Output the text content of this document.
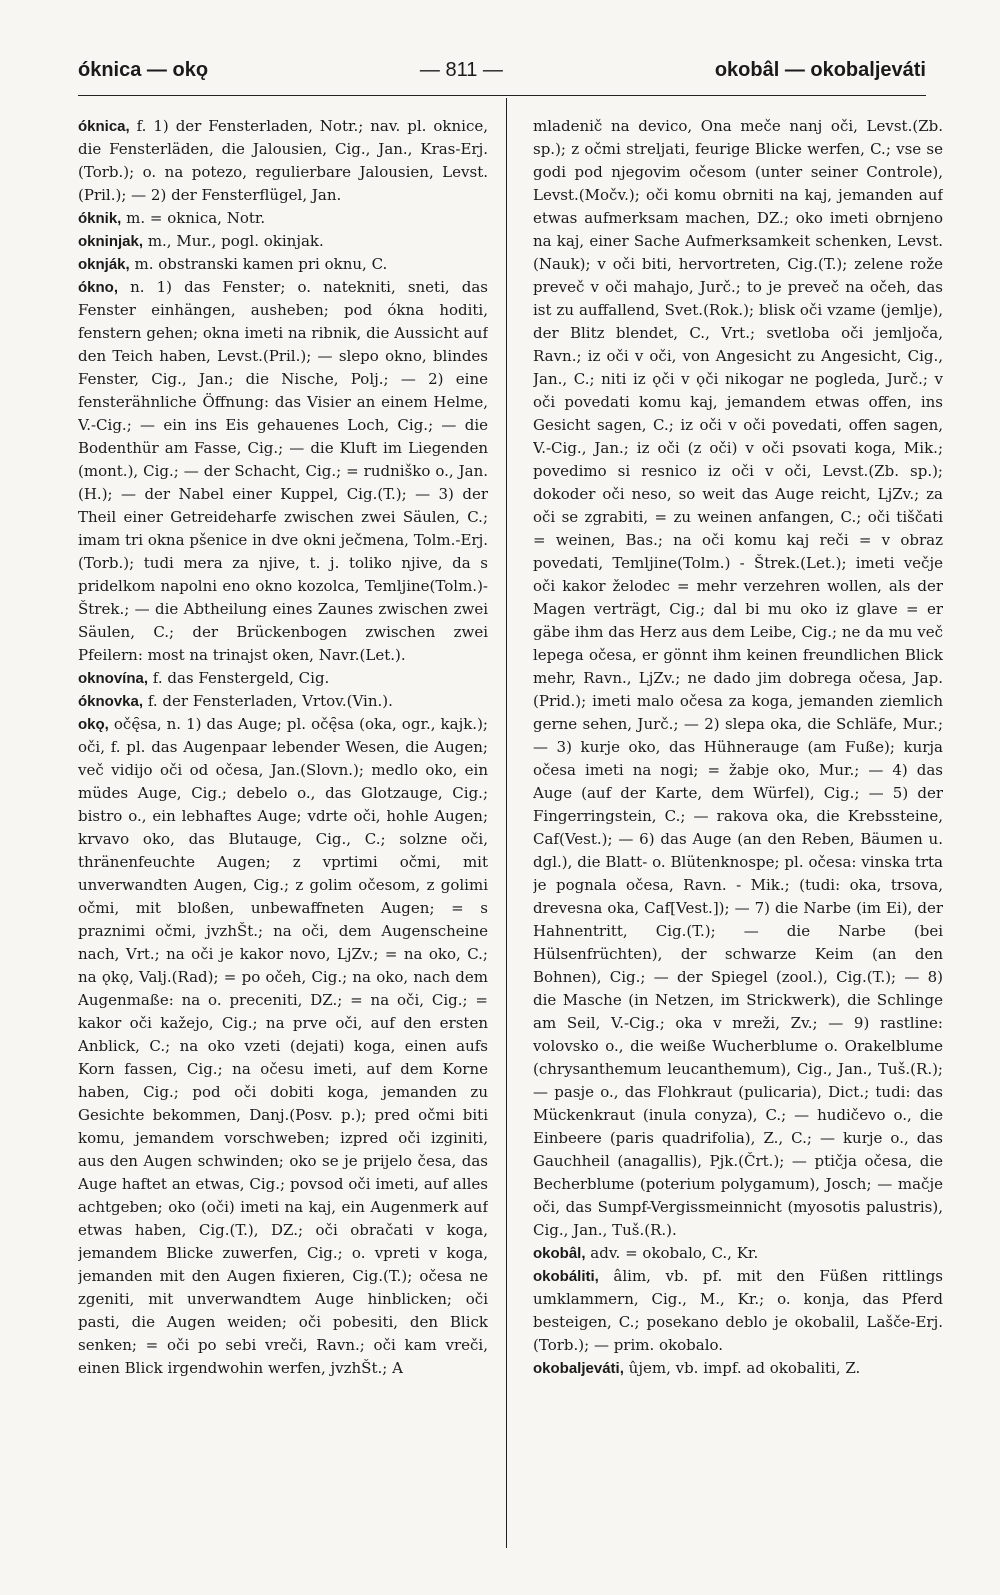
óknica — okǫ	— 811 —	okobâl — okobaljeváti

óknica, f. 1) der Fensterladen, Notr.; nav. pl. oknice, die Fensterläden, die Jalousien, Cig., Jan., Kras-Erj.(Torb.); o. na potezo, regulierbare Jalousien, Levst.(Pril.); — 2) der Fensterflügel, Jan.

óknik, m. = oknica, Notr.

okninjak, m., Mur., pogl. okinjak.

oknják, m. obstranski kamen pri oknu, C.

ókno, n. 1) das Fenster; o. natekniti, sneti, das Fenster einhängen, ausheben; pod ókna hoditi, fenstern gehen; okna imeti na ribnik, die Aussicht auf den Teich haben, Levst.(Pril.); — slepo okno, blindes Fenster, Cig., Jan.; die Nische, Polj.; — 2) eine fensterähnliche Öffnung: das Visier an einem Helme, V.-Cig.; — ein ins Eis gehauenes Loch, Cig.; — die Bodenthür am Fasse, Cig.; — die Kluft im Liegenden (mont.), Cig.; — der Schacht, Cig.; = rudniško o., Jan.(H.); — der Nabel einer Kuppel, Cig.(T.); — 3) der Theil einer Getreideharfe zwischen zwei Säulen, C.; imam tri okna pšenice in dve okni ječmena, Tolm.-Erj.(Torb.); tudi mera za njive, t. j. toliko njive, da s pridelkom napolni eno okno kozolca, Temljine(Tolm.)-Štrek.; — die Abtheilung eines Zaunes zwischen zwei Säulen, C.; der Brückenbogen zwischen zwei Pfeilern: most na trinajst oken, Navr.(Let.).

oknovína, f. das Fenstergeld, Cig.

óknovka, f. der Fensterladen, Vrtov.(Vin.).

okǫ, očę̑sa, n. 1) das Auge; pl. očę̑sa (oka, ogr., kajk.); oči, f. pl. das Augenpaar lebender Wesen, die Augen; več vidijo oči od očesa, Jan.(Slovn.); medlo oko, ein müdes Auge, Cig.; debelo o., das Glotzauge, Cig.; bistro o., ein lebhaftes Auge; vdrte oči, hohle Augen; krvavo oko, das Blutauge, Cig., C.; solzne oči, thränenfeuchte Augen; z vprtimi očmi, mit unverwandten Augen, Cig.; z golim očesom, z golimi očmi, mit bloßen, unbewaffneten Augen; = s praznimi očmi, jvzhŠt.; na oči, dem Augenscheine nach, Vrt.; na oči je kakor novo, LjZv.; = na oko, C.; na ǫkǫ, Valj.(Rad); = po očeh, Cig.; na oko, nach dem Augenmaße: na o. preceniti, DZ.; = na oči, Cig.; = kakor oči kažejo, Cig.; na prve oči, auf den ersten Anblick, C.; na oko vzeti (dejati) koga, einen aufs Korn fassen, Cig.; na očesu imeti, auf dem Korne haben, Cig.; pod oči dobiti koga, jemanden zu Gesichte bekommen, Danj.(Posv. p.); pred očmi biti komu, jemandem vorschweben; izpred oči izginiti, aus den Augen schwinden; oko se je prijelo česa, das Auge haftet an etwas, Cig.; povsod oči imeti, auf alles achtgeben; oko (oči) imeti na kaj, ein Augenmerk auf etwas haben, Cig.(T.), DZ.; oči obračati v koga, jemandem Blicke zuwerfen, Cig.; o. vpreti v koga, jemanden mit den Augen fixieren, Cig.(T.); očesa ne zgeniti, mit unverwandtem Auge hinblicken; oči pasti, die Augen weiden; oči pobesiti, den Blick senken; = oči po sebi vreči, Ravn.; oči kam vreči, einen Blick irgendwohin werfen, jvzhŠt.; A

mladenič na devico, Ona meče nanj oči, Levst.(Zb. sp.); z očmi streljati, feurige Blicke werfen, C.; vse se godi pod njegovim očesom (unter seiner Controle), Levst.(Močv.); oči komu obrniti na kaj, jemanden auf etwas aufmerksam machen, DZ.; oko imeti obrnjeno na kaj, einer Sache Aufmerksamkeit schenken, Levst.(Nauk); v oči biti, hervortreten, Cig.(T.); zelene rože preveč v oči mahajo, Jurč.; to je preveč na očeh, das ist zu auffallend, Svet.(Rok.); blisk oči vzame (jemlje), der Blitz blendet, C., Vrt.; svetloba oči jemljoča, Ravn.; iz oči v oči, von Angesicht zu Angesicht, Cig., Jan., C.; niti iz ǫči v ǫči nikogar ne pogleda, Jurč.; v oči povedati komu kaj, jemandem etwas offen, ins Gesicht sagen, C.; iz oči v oči povedati, offen sagen, V.-Cig., Jan.; iz oči (z oči) v oči psovati koga, Mik.; povedimo si resnico iz oči v oči, Levst.(Zb. sp.); dokoder oči neso, so weit das Auge reicht, LjZv.; za oči se zgrabiti, = zu weinen anfangen, C.; oči tiščati = weinen, Bas.; na oči komu kaj reči = v obraz povedati, Temljine(Tolm.) - Štrek.(Let.); imeti večje oči kakor želodec = mehr verzehren wollen, als der Magen verträgt, Cig.; dal bi mu oko iz glave = er gäbe ihm das Herz aus dem Leibe, Cig.; ne da mu več lepega očesa, er gönnt ihm keinen freundlichen Blick mehr, Ravn., LjZv.; ne dado jim dobrega očesa, Jap.(Prid.); imeti malo očesa za koga, jemanden ziemlich gerne sehen, Jurč.; — 2) slepa oka, die Schläfe, Mur.; — 3) kurje oko, das Hühnerauge (am Fuße); kurja očesa imeti na nogi; = žabje oko, Mur.; — 4) das Auge (auf der Karte, dem Würfel), Cig.; — 5) der Fingerringstein, C.; — rakova oka, die Krebssteine, Caf(Vest.); — 6) das Auge (an den Reben, Bäumen u. dgl.), die Blatt- o. Blütenknospe; pl. očesa: vinska trta je pognala očesa, Ravn. - Mik.; (tudi: oka, trsova, drevesna oka, Caf[Vest.]); — 7) die Narbe (im Ei), der Hahnentritt, Cig.(T.); — die Narbe (bei Hülsenfrüchten), der schwarze Keim (an den Bohnen), Cig.; — der Spiegel (zool.), Cig.(T.); — 8) die Masche (in Netzen, im Strickwerk), die Schlinge am Seil, V.-Cig.; oka v mreži, Zv.; — 9) rastline: volovsko o., die weiße Wucherblume o. Orakelblume (chrysanthemum leucanthemum), Cig., Jan., Tuš.(R.); — pasje o., das Flohkraut (pulicaria), Dict.; tudi: das Mückenkraut (inula conyza), C.; — hudičevo o., die Einbeere (paris quadrifolia), Z., C.; — kurje o., das Gauchheil (anagallis), Pjk.(Črt.); — ptičja očesa, die Becherblume (poterium polygamum), Josch; — mačje oči, das Sumpf-Vergissmeinnicht (myosotis palustris), Cig., Jan., Tuš.(R.).

okobâl, adv. = okobalo, C., Kr.

okobáliti, âlim, vb. pf. mit den Füßen rittlings umklammern, Cig., M., Kr.; o. konja, das Pferd besteigen, C.; posekano deblo je okobalil, Lašče-Erj.(Torb.); — prim. okobalo.

okobaljeváti, ûjem, vb. impf. ad okobaliti, Z.
